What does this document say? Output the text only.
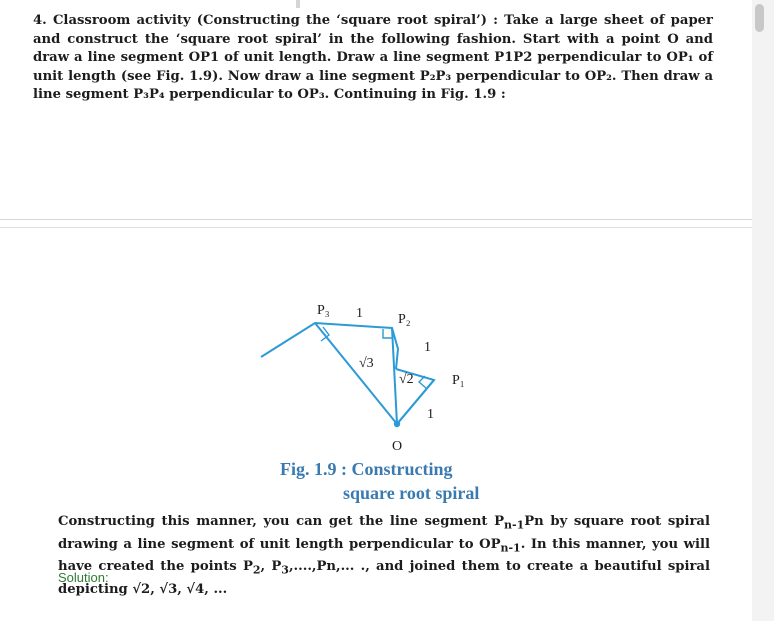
4. Classroom activity (Constructing the ‘square root spiral’) : Take a large sheet of paper and construct the ‘square root spiral’ in the following fashion. Start with a point O and draw a line segment OP1 of unit length. Draw a line segment P1P2 perpendicular to OP₁ of unit length (see Fig. 1.9). Now draw a line segment P₂P₃ perpendicular to OP₂. Then draw a line segment P₃P₄ perpendicular to OP₃. Continuing in Fig. 1.9 :

P₃ 1	P₂
1
√3
√2	P₁
1
O
Fig. 1.9 : Constructing
square root spiral

Constructing this manner, you can get the line segment $P_{n-1}Pn$ by square root spiral drawing a line segment of unit length perpendicular to $OP_{n-1}$. In this manner, you will have created the points $P_2$, $P_3,....,Pn$,... ., and joined them to create a beautiful spiral depicting √2, √3, √4, ...

Solution:
